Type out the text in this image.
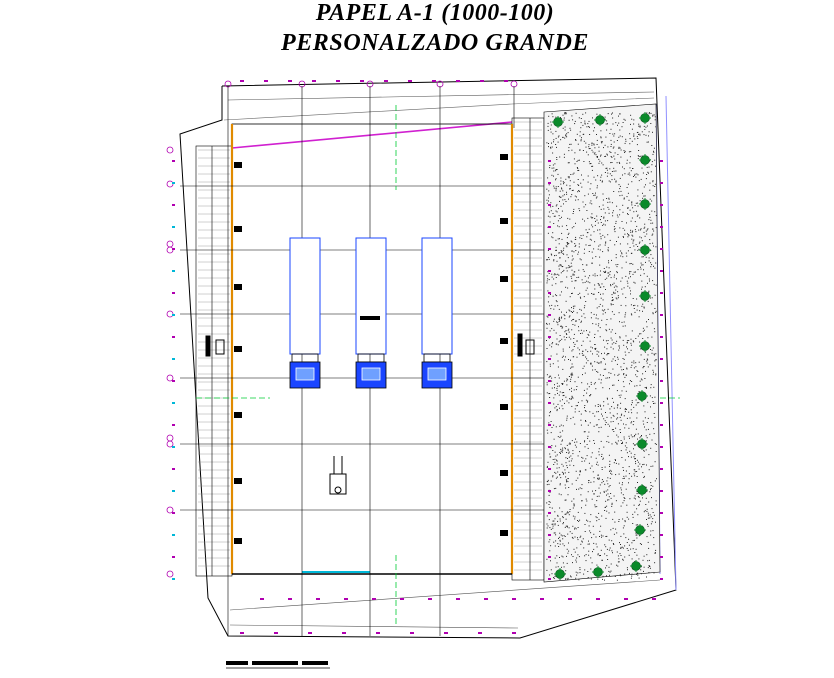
PAPEL A-1 (1000-100)
PERSONALZADO GRANDE
